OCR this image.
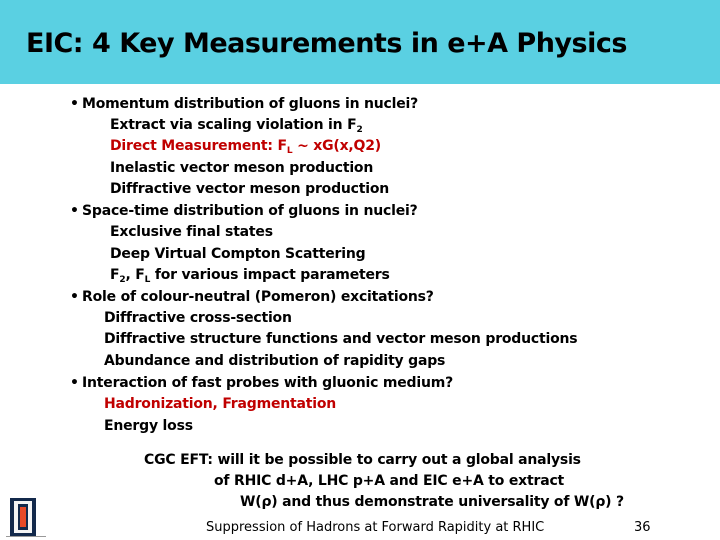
EIC: 4 Key Measurements in e+A Physics
• Momentum distribution of gluons in nuclei?
Extract via scaling violation in $F_2$
Direct Measurement: $F_L$ ~ xG(x,Q2)
Inelastic vector meson production
Diffractive vector meson production
• Space-time distribution of gluons in nuclei?
Exclusive final states
Deep Virtual Compton Scattering
$F_2$, $F_L$ for various impact parameters
• Role of colour-neutral (Pomeron) excitations?
Diffractive cross-section
Diffractive structure functions and vector meson productions
Abundance and distribution of rapidity gaps
• Interaction of fast probes with gluonic medium?
Hadronization, Fragmentation
Energy loss
CGC EFT: will it be possible to carry out a global analysis
of RHIC d+A, LHC p+A and EIC e+A to extract
W(ρ) and thus demonstrate universality of W(ρ) ?
Suppression of Hadrons at Forward Rapidity at RHIC	36
